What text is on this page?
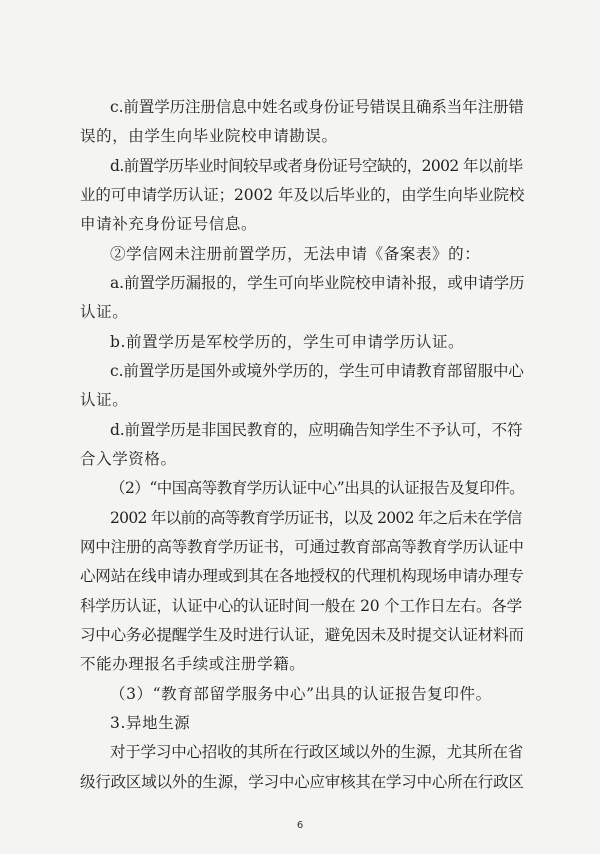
c.前置学历注册信息中姓名或身份证号错误且确系当年注册错
误的，由学生向毕业院校申请勘误。
d.前置学历毕业时间较早或者身份证号空缺的，2002 年以前毕
业的可申请学历认证；2002 年及以后毕业的，由学生向毕业院校
申请补充身份证号信息。
②学信网未注册前置学历，无法申请《备案表》的：
a.前置学历漏报的，学生可向毕业院校申请补报，或申请学历
认证。
b.前置学历是军校学历的，学生可申请学历认证。
c.前置学历是国外或境外学历的，学生可申请教育部留服中心
认证。
d.前置学历是非国民教育的，应明确告知学生不予认可，不符
合入学资格。
（2）“中国高等教育学历认证中心”出具的认证报告及复印件。
2002 年以前的高等教育学历证书，以及 2002 年之后未在学信
网中注册的高等教育学历证书，可通过教育部高等教育学历认证中
心网站在线申请办理或到其在各地授权的代理机构现场申请办理专
科学历认证，认证中心的认证时间一般在 20 个工作日左右。各学
习中心务必提醒学生及时进行认证，避免因未及时提交认证材料而
不能办理报名手续或注册学籍。
（3）“教育部留学服务中心”出具的认证报告复印件。
3.异地生源
对于学习中心招收的其所在行政区域以外的生源，尤其所在省
级行政区域以外的生源，学习中心应审核其在学习中心所在行政区
6
